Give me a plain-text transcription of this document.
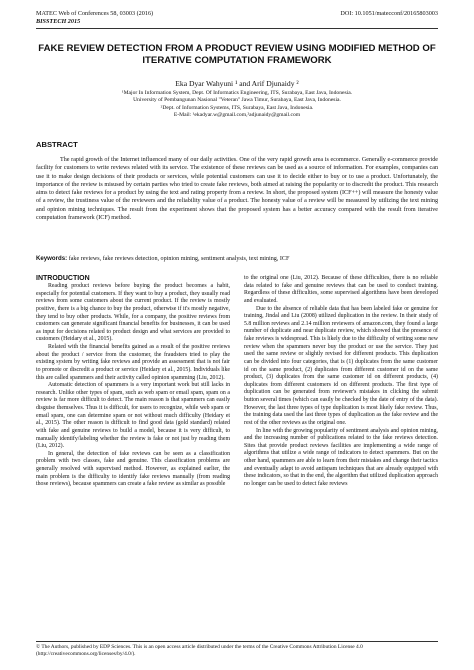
MATEC Web of Conferences 58, 03003 (2016)	DOI: 10.1051/matecconf/20165803003
BISSTECH 2015
FAKE REVIEW DETECTION FROM A PRODUCT REVIEW USING MODIFIED METHOD OF ITERATIVE COMPUTATION FRAMEWORK
Eka Dyar Wahyuni ¹ and Arif Djunaidy ²
¹Major In Information System, Dept. Of Informatics Engineering, ITS, Surabaya, East Java, Indonesia.
University of Pembangunan Nasional "Veteran" Jawa Timur, Surabaya, East Java, Indonesia.
²Dept. of Information Systems, ITS, Surabaya, East Java, Indonesia.
E-Mail: ¹ekadyar.w@gmail.com,²adjunaidy@gmail.com
ABSTRACT

The rapid growth of the Internet influenced many of our daily activities. One of the very rapid growth area is ecommerce. Generally e-commerce provide facility for customers to write reviews related with its service. The existence of these reviews can be used as a source of information. For examples, companies can use it to make design decisions of their products or services, while potential customers can use it to decide either to buy or to use a product. Unfortunately, the importance of the review is misused by certain parties who tried to create fake reviews, both aimed at raising the popularity or to discredit the product. This research aims to detect fake reviews for a product by using the text and rating property from a review. In short, the proposed system (ICF++) will measure the honesty value of a review, the trustiness value of the reviewers and the reliability value of a product. The honesty value of a review will be measured by utilizing the text mining and opinion mining techniques. The result from the experiment shows that the proposed system has a better accuracy compared with the result from iterative computation framework (ICF) method.

Keywords: fake reviews, fake reviews detection, opinion mining, sentiment analysis, text mining, ICF
INTRODUCTION

Reading product reviews before buying the product becomes a habit, especially for potential customers. If they want to buy a product, they usually read reviews from some customers about the current product. If the review is mostly positive, there is a big chance to buy the product, otherwise if it's mostly negative, they tend to buy other products. While, for a company, the positive reviews from customers can generate significant financial benefits for businesses, it can be used as input for decisions related to product design and what services are provided to customers (Heidary et al., 2015).

Related with the financial benefits gained as a result of the positive reviews about the product / service from the customer, the fraudsters tried to play the existing system by writing fake reviews and provide an assessment that is not fair to promote or discredit a product or service (Heidary et al., 2015). Individuals like this are called spammers and their activity called opinion spamming (Liu, 2012).

Automatic detection of spammers is a very important work but still lacks in research. Unlike other types of spam, such as web spam or email spam, spam on a review is far more difficult to detect. The main reason is that spammers can easily disguise themselves. Thus it is difficult, for users to recognize, while web spam or email spam, one can determine spam or not without much difficulty (Heidary et al., 2015). The other reason is difficult to find good data (gold standard) related with fake and genuine reviews to build a model, because it is very difficult, to manually identify/labeling whether the review is fake or not just by reading them (Liu, 2012).

In general, the detection of fake reviews can be seen as a classification problem with two classes, fake and genuine. This classification problems are generally resolved with supervised method. However, as explained earlier, the main problem is the difficulty to identify fake reviews manually (from reading those reviews), because spammers can create a fake review as similar as possible

to the original one (Liu, 2012). Because of these difficulties, there is no reliable data related to fake and genuine reviews that can be used to conduct training. Regardless of these difficulties, some supervised algorithms have been developed and evaluated.

Due to the absence of reliable data that has been labeled fake or genuine for training, Jindal and Liu (2008) utilized duplication in the review. In their study of 5.8 million reviews and 2.14 million reviewers of amazon.com, they found a large number of duplicate and near duplicate review, which showed that the presence of fake reviews is widespread. This is likely due to the difficulty of writing some new review when the spammers never buy the product or use the service. They just used the same review or slightly revised for different products. This duplication can be divided into four categories, that is (1) duplicates from the same customer id on the same product, (2) duplicates from different customer id on the same product, (3) duplicates from the same customer id on different products, (4) duplicates from different customers id on different products. The first type of duplication can be generated from reviewer's mistakes in clicking the submit button several times (which can easily be checked by the date of entry of the data). However, the last three types of type duplication is most likely fake review. Thus, the training data used the last three types of duplication as the fake review and the rest of the other reviews as the original one.

In line with the growing popularity of sentiment analysis and opinion mining, and the increasing number of publications related to the fake reviews detection. Sites that provide product reviews facilities are implementing a wide range of algorithms that utilize a wide range of indicators to detect spammers. But on the other hand, spammers are able to learn from their mistakes and change their tactics and eventually adapt to avoid antispam techniques that are already equipped with these indicators, so that in the end, the algorithm that utilized duplication approach no longer can be used to detect fake reviews

© The Authors, published by EDP Sciences. This is an open access article distributed under the terms of the Creative Commons Attribution License 4.0 (http://creativecommons.org/licenses/by/4.0/).
